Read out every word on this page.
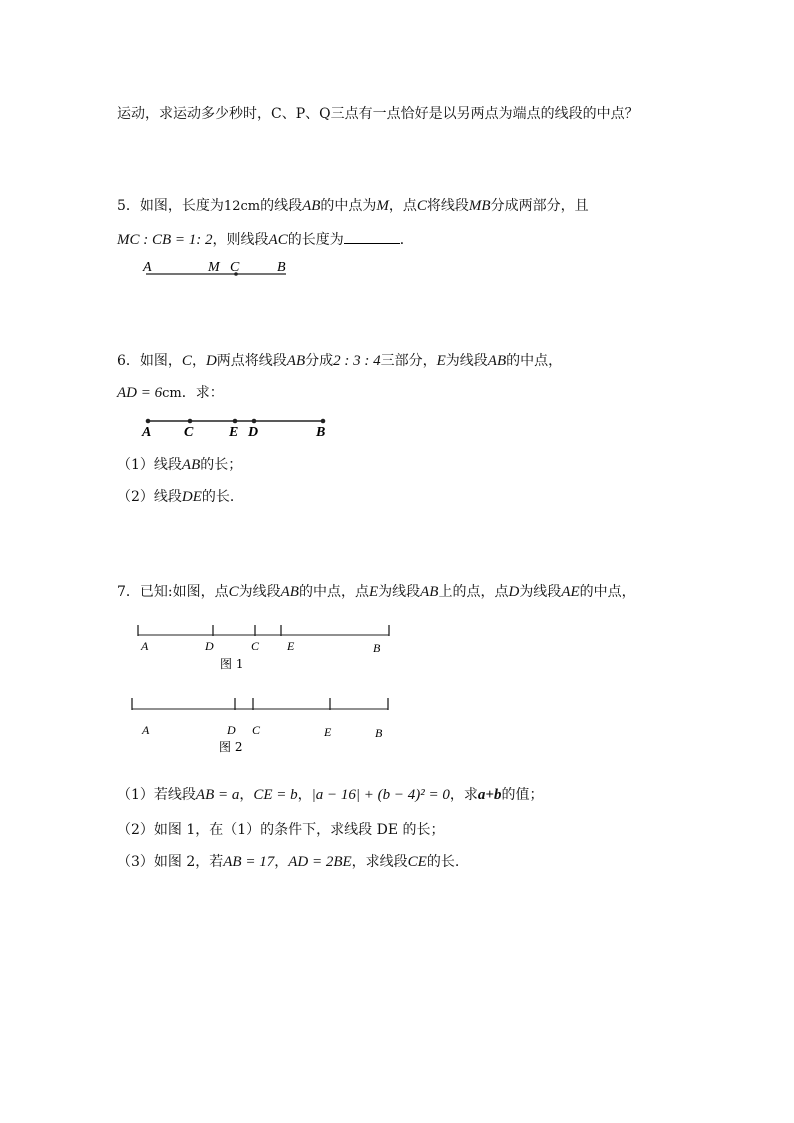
运动，求运动多少秒时，C、P、Q三点有一点恰好是以另两点为端点的线段的中点？
5．如图，长度为12cm的线段AB的中点为M，点C将线段MB分成两部分，且
MC : CB = 1: 2，则线段AC的长度为	．
A	M C	B
6．如图，C，D两点将线段AB分成2 : 3 : 4三部分，E为线段AB的中点，
AD = 6cm．求：
A C	E D	B
（1）线段AB的长；
（2）线段DE的长．
7．已知:如图，点C为线段AB的中点，点E为线段AB上的点，点D为线段AE的中点，
A	D	C E	B
图 1
A	D C	E	B
图 2
（1）若线段AB = a，CE = b，|a − 16| + (b − 4)² = 0，求a+b的值；
（2）如图 1，在（1）的条件下，求线段 DE 的长；
（3）如图 2，若AB = 17，AD = 2BE，求线段CE的长.
